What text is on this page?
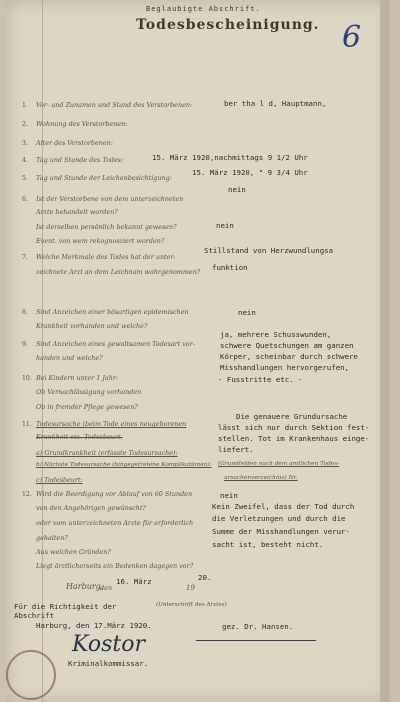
Beglaubigte Abschrift.
Todesbescheinigung. 6
1. Vor- und Zunamen und Stand des Verstorbenen:	ber tha l d, Hauptmann,
2. Wohnung des Verstorbenen:
3. Alter des Verstorbenen:
4. Tag und Stunde des Todes:	15. März 1920,nachmittags 9 1/2 Uhr
5. Tag und Stunde der Leichenbesichtigung:
15. März 1920, " 9 3/4 Uhr
6. Ist der Verstorbene von dem unterzeichneten
Arzte behandelt worden?
Ist derselben persönlich bekannt gewesen?
Event. von wem rekognosziert worden?
nein
nein
7. Welche Merkmale des Todes hat der unter-
zeichnete Arzt an dem Leichnam wahrgenommen?
Stillstand von Herzwundlungsa
funktion
8. Sind Anzeichen einer bösartigen epidemischen
Krankheit vorhanden und welche?
nein
9. Sind Anzeichen eines gewaltsamen Todesart vor-
handen und welche?
ja, mehrere Schusswunden,
schwere Quetschungen am ganzen
Körper, scheinbar durch schwere
Misshandlungen hervorgerufen,
- Fusstritte etc. -
10. Bei Kindern unter 1 Jahr:
Ob Vernachlässigung vorhanden
Ob in fremder Pflege gewesen?
11. Todesursache (beim Tode eines neugeborenen
Krankheit etc. Todesbeurt.
a) Grundkrankheit (erfasste Todesursache):
b) Nächste Todesursache (hingegetretene Komplikationen):
c) Todesbeurt:
Die genauere Grundursache
lässt sich nur durch Sektion fest-
stellen. Tot im Krankenhaus einge-
liefert.
(Grundleiden nach dem amtlichen Todes-
ursachenverzeichnis) Nr.
12. Wird die Beerdigung vor Ablauf von 60 Stunden
von den Angehörigen gewünscht?
oder vom unterzeichneten Arzte für erforderlich
gehalten?
Aus welchen Gründen?
Liegt ärztlicherseits ein Bedenken dagegen vor?
nein
Kein Zweifel, dass der Tod durch
die Verletzungen und durch die
Summe der Misshandlungen verur-
sacht ist, besteht nicht.
Harburg,
den
16. März
19
20.
Für die Richtigkeit der
Abschrift
Harburg, den 17.März 1920.
(Unterschrift des Arztes)
gez. Dr. Hansen.
Kostor
Kriminalkommissar.
